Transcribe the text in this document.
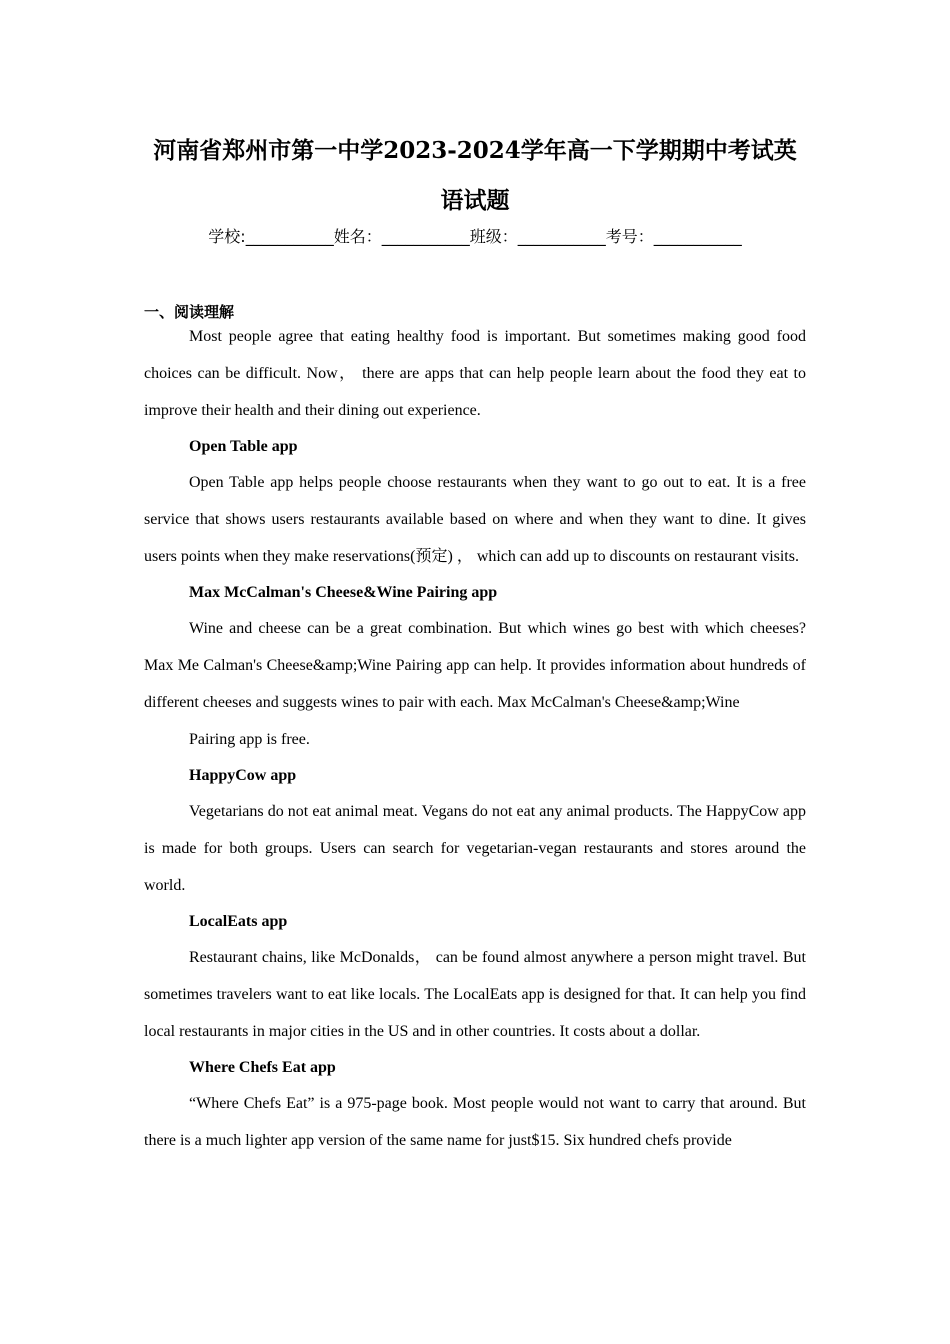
河南省郑州市第一中学2023-2024学年高一下学期期中考试英
语试题
学校:___________姓名：___________班级：___________考号：___________
一、阅读理解

Most people agree that eating healthy food is important. But sometimes making good food choices can be difficult. Now， there are apps that can help people learn about the food they eat to improve their health and their dining out experience.

Open Table app

Open Table app helps people choose restaurants when they want to go out to eat. It is a free service that shows users restaurants available based on where and when they want to dine. It gives users points when they make reservations(预定) ， which can add up to discounts on restaurant visits.

Max McCalman's Cheese&Wine Pairing app

Wine and cheese can be a great combination. But which wines go best with which cheeses? Max Me Calman's Cheese&amp;Wine Pairing app can help. It provides information about hundreds of different cheeses and suggests wines to pair with each. Max McCalman's Cheese&amp;Wine

Pairing app is free.

HappyCow app

Vegetarians do not eat animal meat. Vegans do not eat any animal products. The HappyCow app is made for both groups. Users can search for vegetarian-vegan restaurants and stores around the world.

LocalEats app

Restaurant chains, like McDonalds， can be found almost anywhere a person might travel. But sometimes travelers want to eat like locals. The LocalEats app is designed for that. It can help you find local restaurants in major cities in the US and in other countries. It costs about a dollar.

Where Chefs Eat app

“Where Chefs Eat” is a 975-page book. Most people would not want to carry that around. But there is a much lighter app version of the same name for just$15. Six hundred chefs provide
